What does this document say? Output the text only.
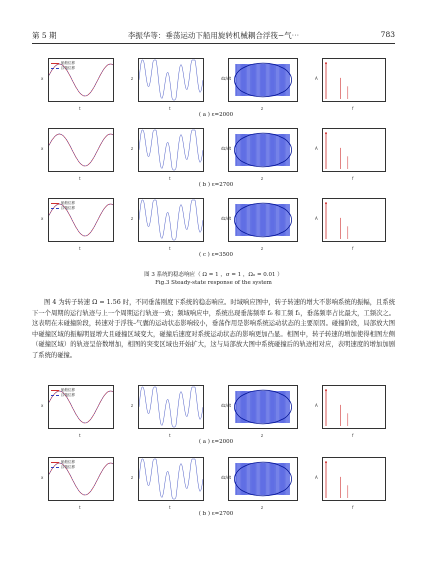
第 5 期	李振华等：垂荡运动下船用旋转机械耦合浮筏−气⋯	783
船舶位移
浮筏位移
x
t
z
t
dz/dt
z
A
f
( a ) ε=2000
x
t
z
t
dz/dt
z
A
f
( b ) ε=2700
船舶位移
浮筏位移
x
t
z
t
dz/dt
z
A
f
( c ) ε=3500
图 3 系统的稳态响应（ Ω = 1 ，σ = 1 ，Ω₀ = 0.01 ）
Fig.3 Steady-state response of the system

图 4 为转子转速 Ω = 1.56 时，不同垂荡刚度下系统的稳态响应。时域响应图中，转子转速的增大不影响系统的振幅，且系统下一个周期的运行轨迹与上一个周期运行轨迹一致；频域响应中，系统出现垂荡频率 f₀ 和工频 f₁，垂荡频率占比最大，工频次之。这表明在未碰撞阶段，转速对于浮筏–气囊的运动状态影响较小，垂荡作用是影响系统运动状态的主要原因。碰撞阶段，局部放大图中碰撞区域的振幅明显增大且碰撞区域变大，碰撞后速度对系统运动状态的影响更加凸显。相图中，转子转速的增加使得相图左侧（碰撞区域）的轨迹呈倍数增加，相图的突变区域也开始扩大，这与局部放大图中系统碰撞后的轨迹相对应，表明速度的增加加剧了系统的碰撞。

船舶位移
浮筏位移
x
t
z
t
dz/dt
z
A
f
( a ) ε=2000
船舶位移
浮筏位移
x
t
z
t
dz/dt
z
A
f
( b ) ε=2700
